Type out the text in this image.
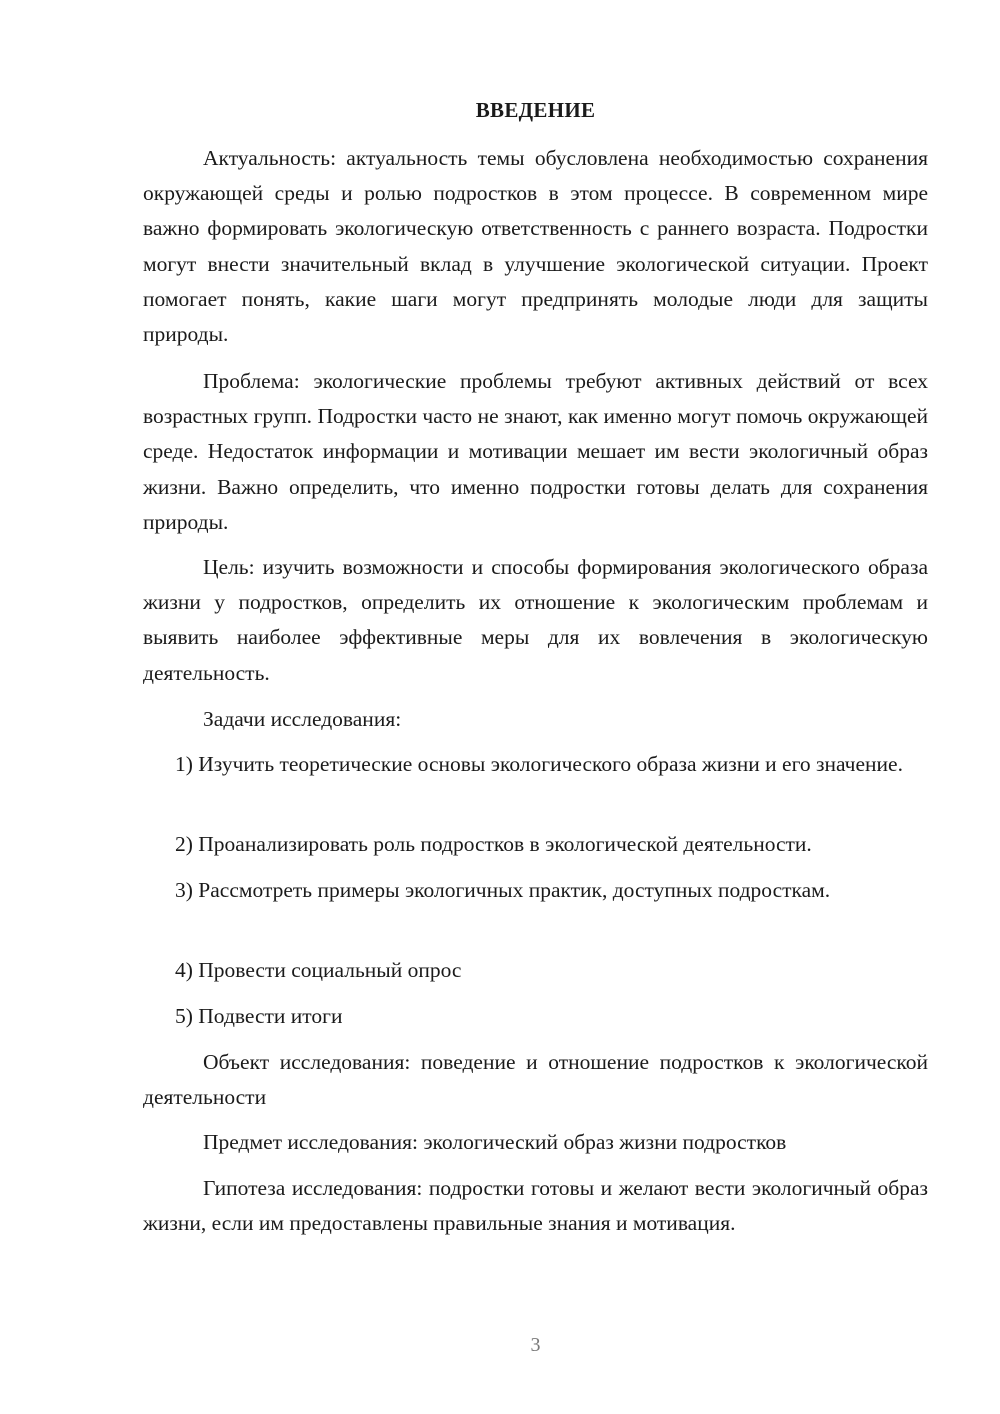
ВВЕДЕНИЕ

Актуальность: актуальность темы обусловлена необходимостью сохранения окружающей среды и ролью подростков в этом процессе. В современном мире важно формировать экологическую ответственность с раннего возраста. Подростки могут внести значительный вклад в улучшение экологической ситуации. Проект помогает понять, какие шаги могут предпринять молодые люди для защиты природы.

Проблема: экологические проблемы требуют активных действий от всех возрастных групп. Подростки часто не знают, как именно могут помочь окружающей среде. Недостаток информации и мотивации мешает им вести экологичный образ жизни. Важно определить, что именно подростки готовы делать для сохранения природы.

Цель: изучить возможности и способы формирования экологического образа жизни у подростков, определить их отношение к экологическим проблемам и выявить наиболее эффективные меры для их вовлечения в экологическую деятельность.

Задачи исследования:

1) Изучить теоретические основы экологического образа жизни и его значение.

2) Проанализировать роль подростков в экологической деятельности.

3) Рассмотреть примеры экологичных практик, доступных подросткам.

4) Провести социальный опрос

5) Подвести итоги

Объект исследования: поведение и отношение подростков к экологической деятельности

Предмет исследования: экологический образ жизни подростков

Гипотеза исследования: подростки готовы и желают вести экологичный образ жизни, если им предоставлены правильные знания и мотивация.

3
